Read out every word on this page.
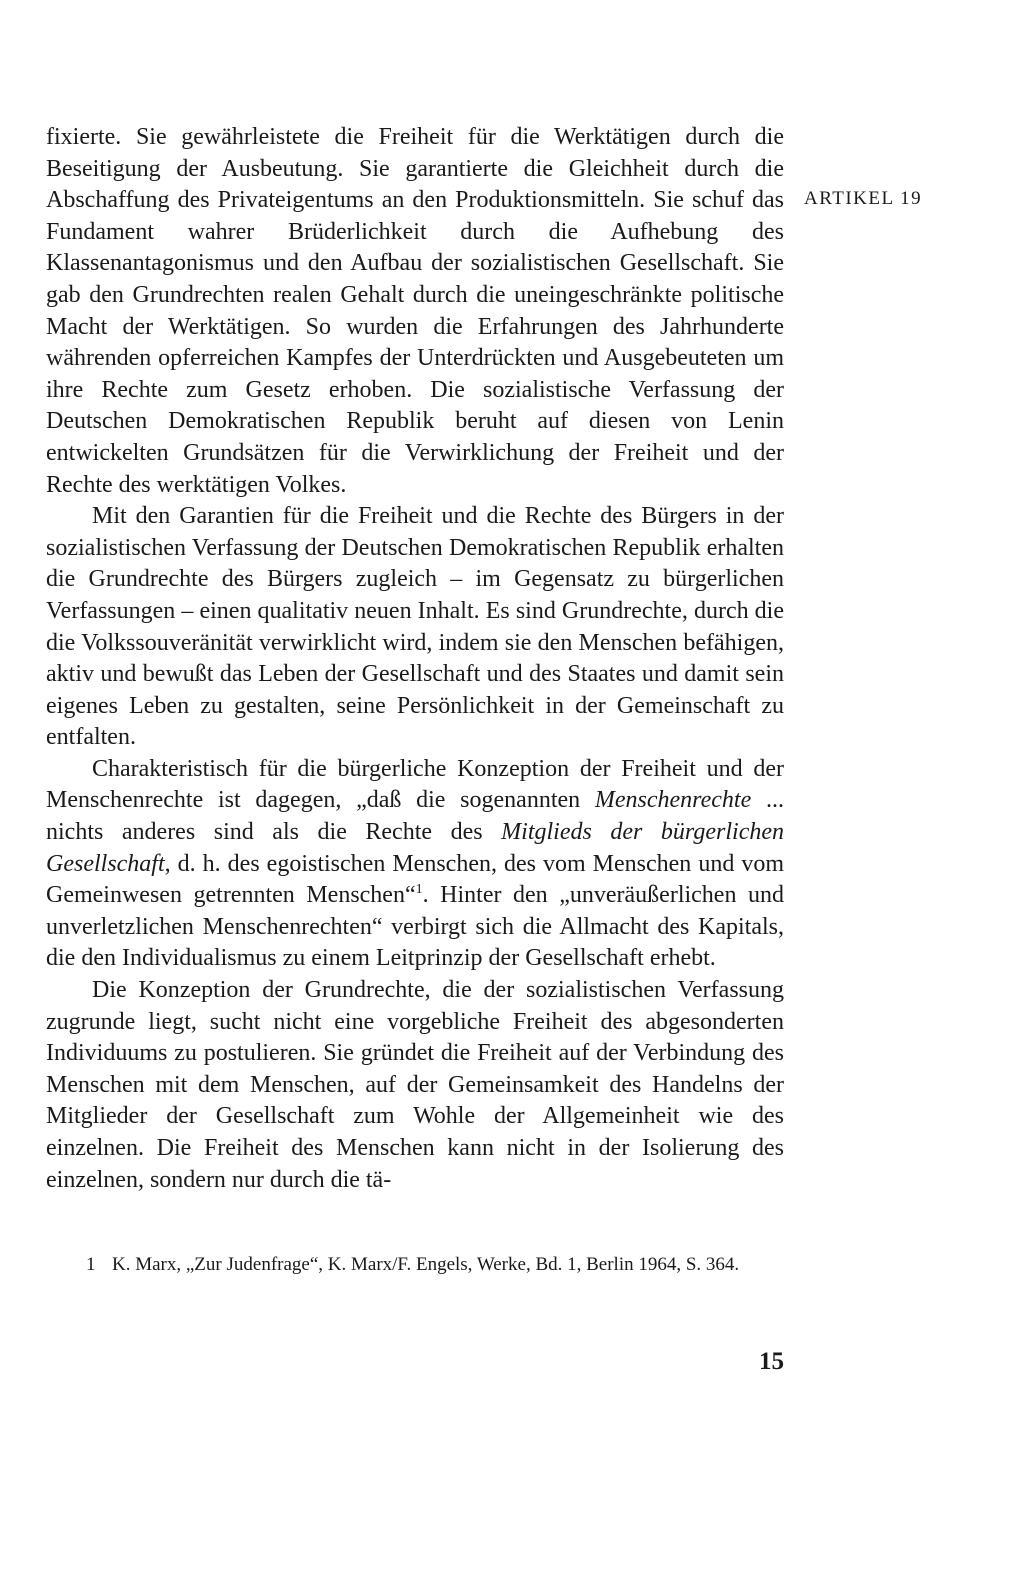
ARTIKEL 19

fixierte. Sie gewährleistete die Freiheit für die Werktätigen durch die Beseitigung der Ausbeutung. Sie garantierte die Gleichheit durch die Abschaffung des Privateigentums an den Produktionsmitteln. Sie schuf das Fundament wahrer Brüderlichkeit durch die Aufhebung des Klassenantagonismus und den Aufbau der sozialistischen Gesellschaft. Sie gab den Grundrechten realen Gehalt durch die uneingeschränkte politische Macht der Werktätigen. So wurden die Erfahrungen des Jahrhunderte währenden opferreichen Kampfes der Unterdrückten und Ausgebeuteten um ihre Rechte zum Gesetz erhoben. Die sozialistische Verfassung der Deutschen Demokratischen Republik beruht auf diesen von Lenin entwickelten Grundsätzen für die Verwirklichung der Freiheit und der Rechte des werktätigen Volkes.

Mit den Garantien für die Freiheit und die Rechte des Bürgers in der sozialistischen Verfassung der Deutschen Demokratischen Republik erhalten die Grundrechte des Bürgers zugleich – im Gegensatz zu bürgerlichen Verfassungen – einen qualitativ neuen Inhalt. Es sind Grundrechte, durch die die Volkssouveränität verwirklicht wird, indem sie den Menschen befähigen, aktiv und bewußt das Leben der Gesellschaft und des Staates und damit sein eigenes Leben zu gestalten, seine Persönlichkeit in der Gemeinschaft zu entfalten.

Charakteristisch für die bürgerliche Konzeption der Freiheit und der Menschenrechte ist dagegen, „daß die sogenannten Menschenrechte ... nichts anderes sind als die Rechte des Mitglieds der bürgerlichen Gesellschaft, d. h. des egoistischen Menschen, des vom Menschen und vom Gemeinwesen getrennten Menschen“$^1$. Hinter den „unveräußerlichen und unverletzlichen Menschenrechten“ verbirgt sich die Allmacht des Kapitals, die den Individualismus zu einem Leitprinzip der Gesellschaft erhebt.

Die Konzeption der Grundrechte, die der sozialistischen Verfassung zugrunde liegt, sucht nicht eine vorgebliche Freiheit des abgesonderten Individuums zu postulieren. Sie gründet die Freiheit auf der Verbindung des Menschen mit dem Menschen, auf der Gemeinsamkeit des Handelns der Mitglieder der Gesellschaft zum Wohle der Allgemeinheit wie des einzelnen. Die Freiheit des Menschen kann nicht in der Isolierung des einzelnen, sondern nur durch die tä-

1 K. Marx, „Zur Judenfrage“, K. Marx/F. Engels, Werke, Bd. 1, Berlin 1964, S. 364.
15
